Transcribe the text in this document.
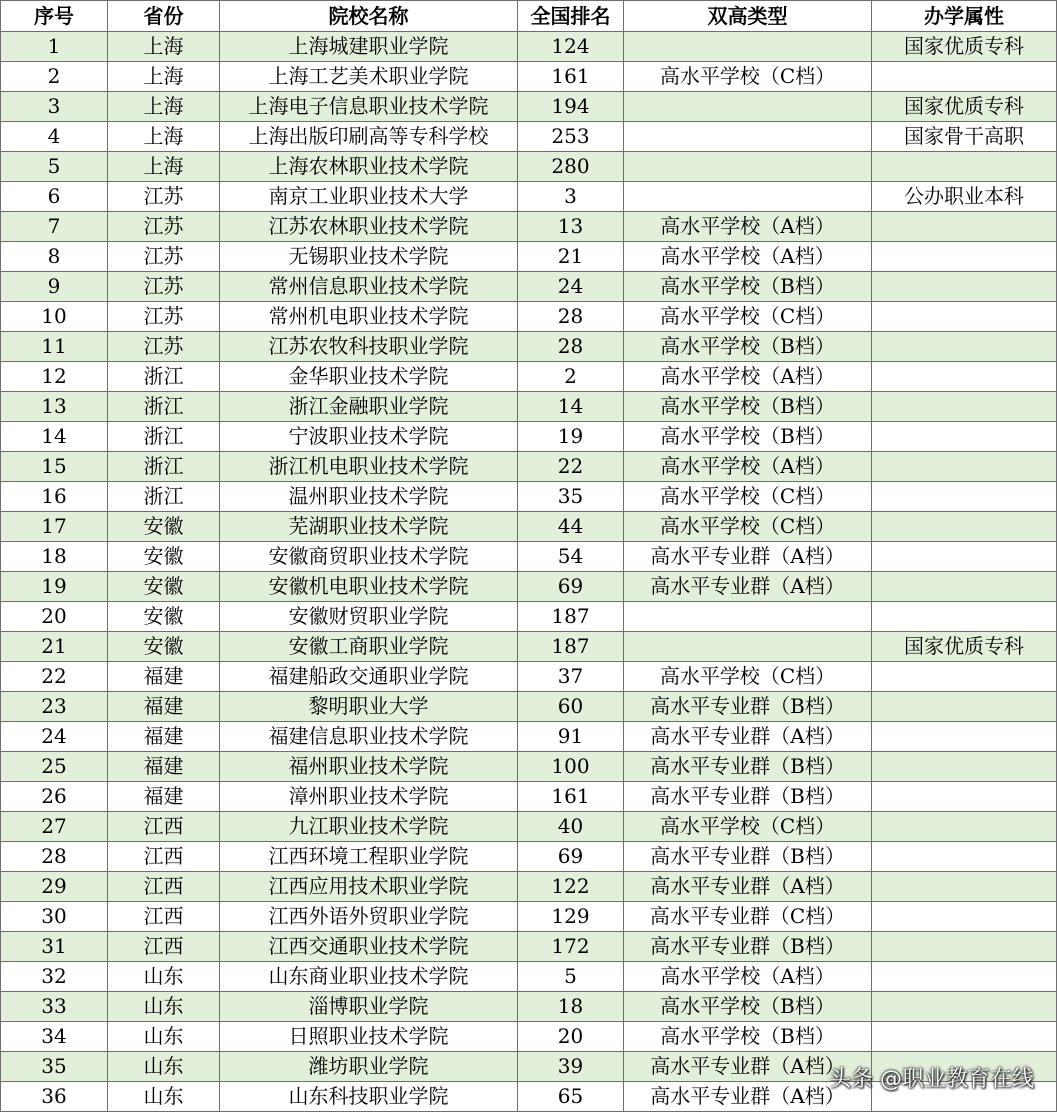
序号	省份	院校名称	全国排名	双高类型	办学属性
1	上海	上海城建职业学院	124		国家优质专科
2	上海	上海工艺美术职业学院	161	高水平学校（C档）	
3	上海	上海电子信息职业技术学院	194		国家优质专科
4	上海	上海出版印刷高等专科学校	253		国家骨干高职
5	上海	上海农林职业技术学院	280		
6	江苏	南京工业职业技术大学	3		公办职业本科
7	江苏	江苏农林职业技术学院	13	高水平学校（A档）	
8	江苏	无锡职业技术学院	21	高水平学校（A档）	
9	江苏	常州信息职业技术学院	24	高水平学校（B档）	
10	江苏	常州机电职业技术学院	28	高水平学校（C档）	
11	江苏	江苏农牧科技职业学院	28	高水平学校（B档）	
12	浙江	金华职业技术学院	2	高水平学校（A档）	
13	浙江	浙江金融职业学院	14	高水平学校（B档）	
14	浙江	宁波职业技术学院	19	高水平学校（B档）	
15	浙江	浙江机电职业技术学院	22	高水平学校（A档）	
16	浙江	温州职业技术学院	35	高水平学校（C档）	
17	安徽	芜湖职业技术学院	44	高水平学校（C档）	
18	安徽	安徽商贸职业技术学院	54	高水平专业群（A档）	
19	安徽	安徽机电职业技术学院	69	高水平专业群（A档）	
20	安徽	安徽财贸职业学院	187		
21	安徽	安徽工商职业学院	187		国家优质专科
22	福建	福建船政交通职业学院	37	高水平学校（C档）	
23	福建	黎明职业大学	60	高水平专业群（B档）	
24	福建	福建信息职业技术学院	91	高水平专业群（A档）	
25	福建	福州职业技术学院	100	高水平专业群（B档）	
26	福建	漳州职业技术学院	161	高水平专业群（B档）	
27	江西	九江职业技术学院	40	高水平学校（C档）	
28	江西	江西环境工程职业学院	69	高水平专业群（B档）	
29	江西	江西应用技术职业学院	122	高水平专业群（A档）	
30	江西	江西外语外贸职业学院	129	高水平专业群（C档）	
31	江西	江西交通职业技术学院	172	高水平专业群（B档）	
32	山东	山东商业职业技术学院	5	高水平学校（A档）	
33	山东	淄博职业学院	18	高水平学校（B档）	
34	山东	日照职业技术学院	20	高水平学校（B档）	
35	山东	潍坊职业学院	39	高水平专业群（A档）	
36	山东	山东科技职业学院	65	高水平专业群（A档）	
头条 @职业教育在线
